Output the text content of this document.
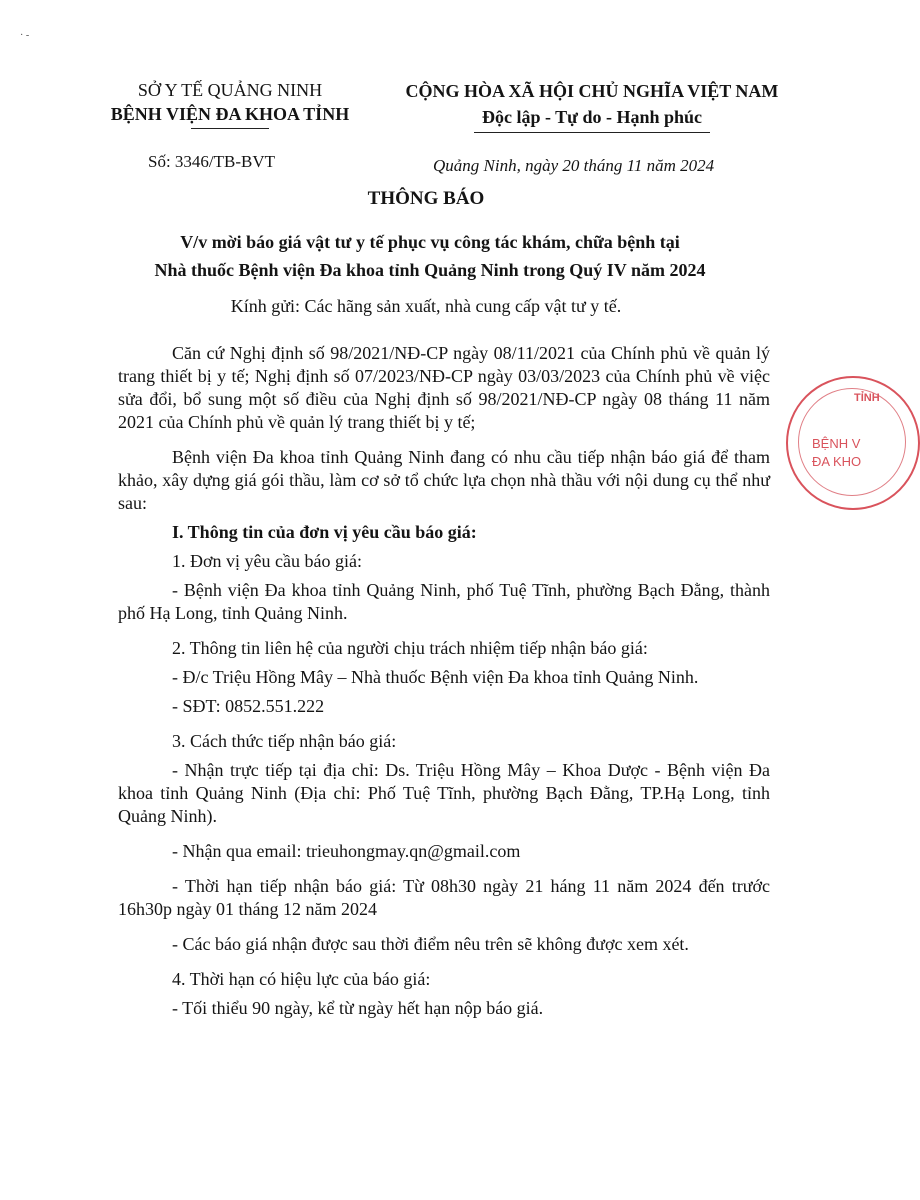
· ‑
SỞ Y TẾ QUẢNG NINH
BỆNH VIỆN ĐA KHOA TỈNH
CỘNG HÒA XÃ HỘI CHỦ NGHĨA VIỆT NAM
Độc lập - Tự do - Hạnh phúc
Số: 3346/TB-BVT	Quảng Ninh, ngày 20 tháng 11 năm 2024
THÔNG BÁO
V/v mời báo giá vật tư y tế phục vụ công tác khám, chữa bệnh tại
Nhà thuốc Bệnh viện Đa khoa tỉnh Quảng Ninh trong Quý IV năm 2024
Kính gửi: Các hãng sản xuất, nhà cung cấp vật tư y tế.

Căn cứ Nghị định số 98/2021/NĐ-CP ngày 08/11/2021 của Chính phủ về quản lý trang thiết bị y tế; Nghị định số 07/2023/NĐ-CP ngày 03/03/2023 của Chính phủ về việc sửa đổi, bổ sung một số điều của Nghị định số 98/2021/NĐ-CP ngày 08 tháng 11 năm 2021 của Chính phủ về quản lý trang thiết bị y tế;

Bệnh viện Đa khoa tỉnh Quảng Ninh đang có nhu cầu tiếp nhận báo giá để tham khảo, xây dựng giá gói thầu, làm cơ sở tổ chức lựa chọn nhà thầu với nội dung cụ thể như sau:

I. Thông tin của đơn vị yêu cầu báo giá:

1. Đơn vị yêu cầu báo giá:

- Bệnh viện Đa khoa tỉnh Quảng Ninh, phố Tuệ Tĩnh, phường Bạch Đằng, thành phố Hạ Long, tỉnh Quảng Ninh.

2. Thông tin liên hệ của người chịu trách nhiệm tiếp nhận báo giá:

- Đ/c Triệu Hồng Mây – Nhà thuốc Bệnh viện Đa khoa tỉnh Quảng Ninh.

- SĐT: 0852.551.222

3. Cách thức tiếp nhận báo giá:

- Nhận trực tiếp tại địa chỉ: Ds. Triệu Hồng Mây – Khoa Dược - Bệnh viện Đa khoa tỉnh Quảng Ninh (Địa chỉ: Phố Tuệ Tĩnh, phường Bạch Đằng, TP.Hạ Long, tỉnh Quảng Ninh).

- Nhận qua email: trieuhongmay.qn@gmail.com

- Thời hạn tiếp nhận báo giá: Từ 08h30 ngày 21 háng 11 năm 2024 đến trước 16h30p ngày 01 tháng 12 năm 2024

- Các báo giá nhận được sau thời điểm nêu trên sẽ không được xem xét.

4. Thời hạn có hiệu lực của báo giá:

- Tối thiểu 90 ngày, kể từ ngày hết hạn nộp báo giá.

TỈNH
BỆNH V
ĐA KHO
